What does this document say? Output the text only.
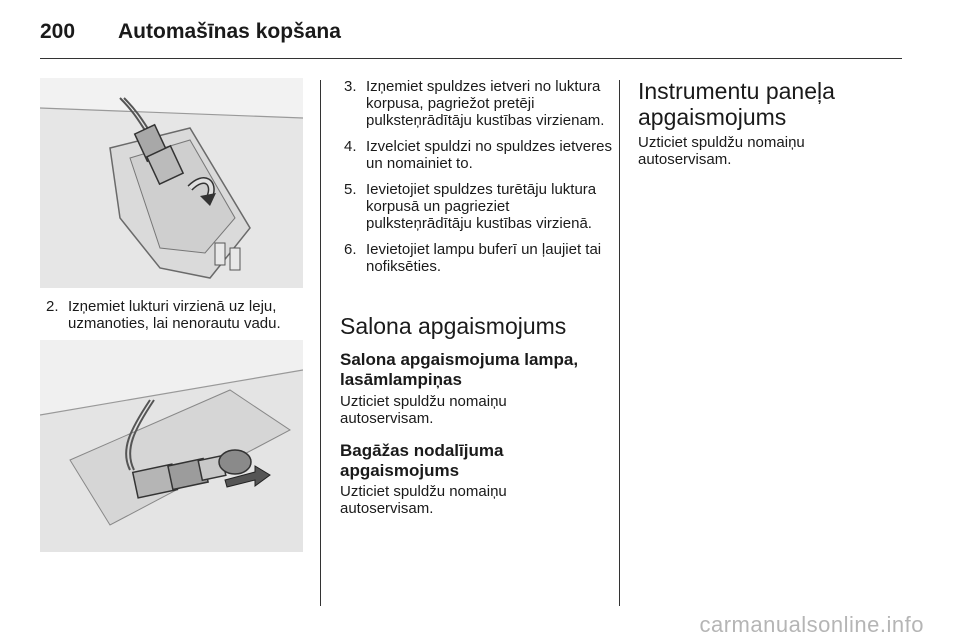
200 Automašīnas kopšana
2. Izņemiet lukturi virzienā uz leju, uzmanoties, lai nenorautu vadu.
3. Izņemiet spuldzes ietveri no luktura korpusa, pagriežot pretēji pulksteņrādītāju kustības virzienam.
4. Izvelciet spuldzi no spuldzes ietveres un nomainiet to.
5. Ievietojiet spuldzes turētāju luktura korpusā un pagrieziet pulksteņrādītāju kustības virzienā.
6. Ievietojiet lampu buferī un ļaujiet tai nofiksēties.
Salona apgaismojums
Salona apgaismojuma lampa, lasāmlampiņas

Uzticiet spuldžu nomaiņu autoservisam.

Bagāžas nodalījuma apgaismojums

Uzticiet spuldžu nomaiņu autoservisam.

Instrumentu paneļa apgaismojums

Uzticiet spuldžu nomaiņu autoservisam.

carmanualsonline.info
